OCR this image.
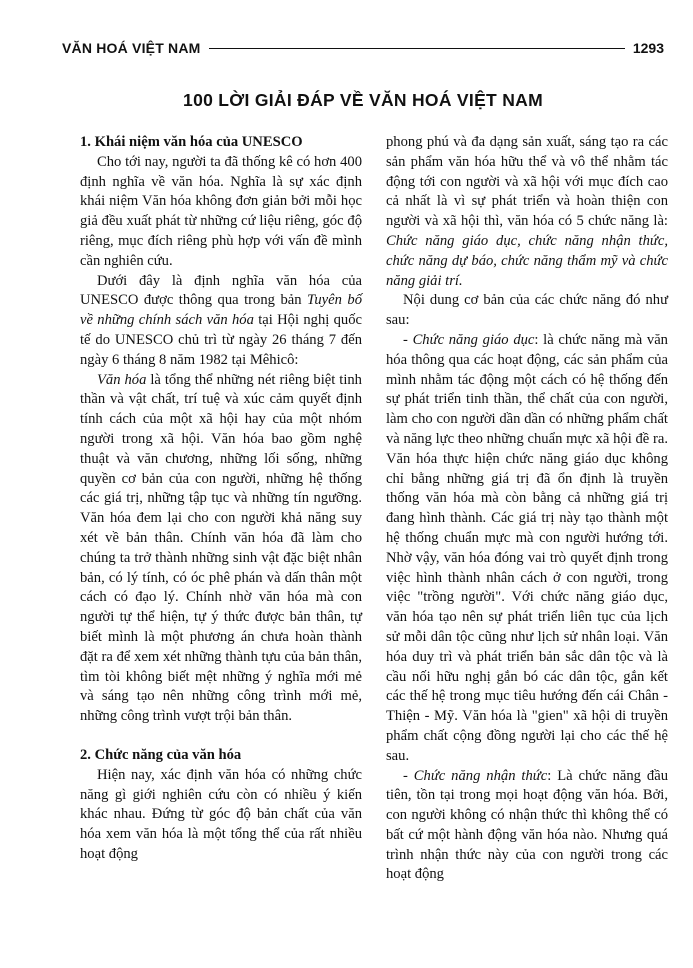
VĂN HOÁ VIỆT NAM	1293
100 LỜI GIẢI ĐÁP VỀ VĂN HOÁ VIỆT NAM
1. Khái niệm văn hóa của UNESCO

Cho tới nay, người ta đã thống kê có hơn 400 định nghĩa về văn hóa. Nghĩa là sự xác định khái niệm Văn hóa không đơn giản bởi mỗi học giả đều xuất phát từ những cứ liệu riêng, góc độ riêng, mục đích riêng phù hợp với vấn đề mình cần nghiên cứu.

Dưới đây là định nghĩa văn hóa của UNESCO được thông qua trong bản Tuyên bố về những chính sách văn hóa tại Hội nghị quốc tế do UNESCO chủ trì từ ngày 26 tháng 7 đến ngày 6 tháng 8 năm 1982 tại Mêhicô:

Văn hóa là tổng thể những nét riêng biệt tinh thần và vật chất, trí tuệ và xúc cảm quyết định tính cách của một xã hội hay của một nhóm người trong xã hội. Văn hóa bao gồm nghệ thuật và văn chương, những lối sống, những quyền cơ bản của con người, những hệ thống các giá trị, những tập tục và những tín ngưỡng. Văn hóa đem lại cho con người khả năng suy xét về bản thân. Chính văn hóa đã làm cho chúng ta trở thành những sinh vật đặc biệt nhân bản, có lý tính, có óc phê phán và dấn thân một cách có đạo lý. Chính nhờ văn hóa mà con người tự thể hiện, tự ý thức được bản thân, tự biết mình là một phương án chưa hoàn thành đặt ra để xem xét những thành tựu của bản thân, tìm tòi không biết mệt những ý nghĩa mới mẻ và sáng tạo nên những công trình mới mẻ, những công trình vượt trội bản thân.

2. Chức năng của văn hóa

Hiện nay, xác định văn hóa có những chức năng gì giới nghiên cứu còn có nhiều ý kiến khác nhau. Đứng từ góc độ bản chất của văn hóa xem văn hóa là một tổng thể của rất nhiều hoạt động

phong phú và đa dạng sản xuất, sáng tạo ra các sản phẩm văn hóa hữu thể và vô thể nhằm tác động tới con người và xã hội với mục đích cao cả nhất là vì sự phát triển và hoàn thiện con người và xã hội thì, văn hóa có 5 chức năng là: Chức năng giáo dục, chức năng nhận thức, chức năng dự báo, chức năng thẩm mỹ và chức năng giải trí.

Nội dung cơ bản của các chức năng đó như sau:

- Chức năng giáo dục: là chức năng mà văn hóa thông qua các hoạt động, các sản phẩm của mình nhằm tác động một cách có hệ thống đến sự phát triển tinh thần, thể chất của con người, làm cho con người dần dần có những phẩm chất và năng lực theo những chuẩn mực xã hội đề ra. Văn hóa thực hiện chức năng giáo dục không chỉ bằng những giá trị đã ổn định là truyền thống văn hóa mà còn bằng cả những giá trị đang hình thành. Các giá trị này tạo thành một hệ thống chuẩn mực mà con người hướng tới. Nhờ vậy, văn hóa đóng vai trò quyết định trong việc hình thành nhân cách ở con người, trong việc "trồng người". Với chức năng giáo dục, văn hóa tạo nên sự phát triển liên tục của lịch sử mỗi dân tộc cũng như lịch sử nhân loại. Văn hóa duy trì và phát triển bản sắc dân tộc và là cầu nối hữu nghị gắn bó các dân tộc, gắn kết các thế hệ trong mục tiêu hướng đến cái Chân - Thiện - Mỹ. Văn hóa là "gien" xã hội di truyền phẩm chất cộng đồng người lại cho các thế hệ sau.

- Chức năng nhận thức: Là chức năng đầu tiên, tồn tại trong mọi hoạt động văn hóa. Bởi, con người không có nhận thức thì không thể có bất cứ một hành động văn hóa nào. Nhưng quá trình nhận thức này của con người trong các hoạt động
